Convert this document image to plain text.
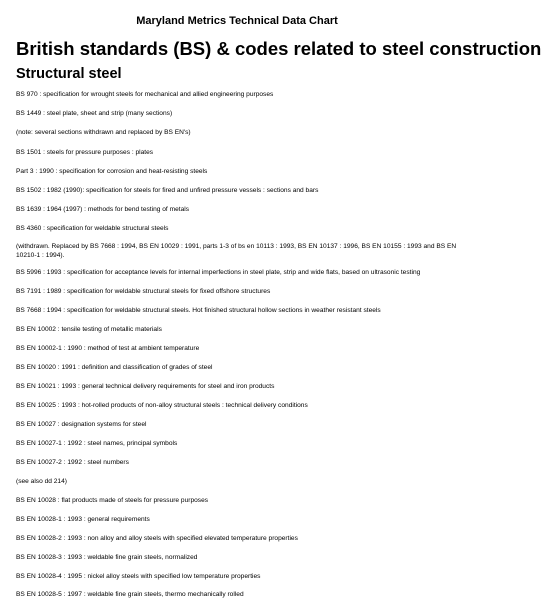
Maryland Metrics Technical Data Chart
British standards (BS) & codes related to steel construction
Structural steel
BS 970 : specification for wrought steels for mechanical and allied engineering purposes
BS 1449 : steel plate, sheet and strip (many sections)
(note: several sections withdrawn and replaced by BS EN's)
BS 1501 : steels for pressure purposes : plates
Part 3 : 1990 : specification for corrosion and heat-resisting steels
BS 1502 : 1982 (1990): specification for steels for fired and unfired pressure vessels : sections and bars
BS 1639 : 1964 (1997) : methods for bend testing of metals
BS 4360 : specification for weldable structural steels
(withdrawn. Replaced by BS 7668 : 1994, BS EN 10029 : 1991, parts 1-3 of bs en 10113 : 1993, BS EN 10137 : 1996, BS EN 10155 : 1993 and BS EN 10210-1 : 1994).
BS 5996 : 1993 : specification for acceptance levels for internal imperfections in steel plate, strip and wide flats, based on ultrasonic testing
BS 7191 : 1989 : specification for weldable structural steels for fixed offshore structures
BS 7668 : 1994 : specification for weldable structural steels. Hot finished structural hollow sections in weather resistant steels
BS EN 10002 : tensile testing of metallic materials
BS EN 10002-1 : 1990 : method of test at ambient temperature
BS EN 10020 : 1991 : definition and classification of grades of steel
BS EN 10021 : 1993 : general technical delivery requirements for steel and iron products
BS EN 10025 : 1993 : hot-rolled products of non-alloy structural steels : technical delivery conditions
BS EN 10027 : designation systems for steel
BS EN 10027-1 : 1992 : steel names, principal symbols
BS EN 10027-2 : 1992 : steel numbers
(see also dd 214)
BS EN 10028 : flat products made of steels for pressure purposes
BS EN 10028-1 : 1993 : general requirements
BS EN 10028-2 : 1993 : non alloy and alloy steels with specified elevated temperature properties
BS EN 10028-3 : 1993 : weldable fine grain steels, normalized
BS EN 10028-4 : 1995 : nickel alloy steels with specified low temperature properties
BS EN 10028-5 : 1997 : weldable fine grain steels, thermo mechanically rolled
